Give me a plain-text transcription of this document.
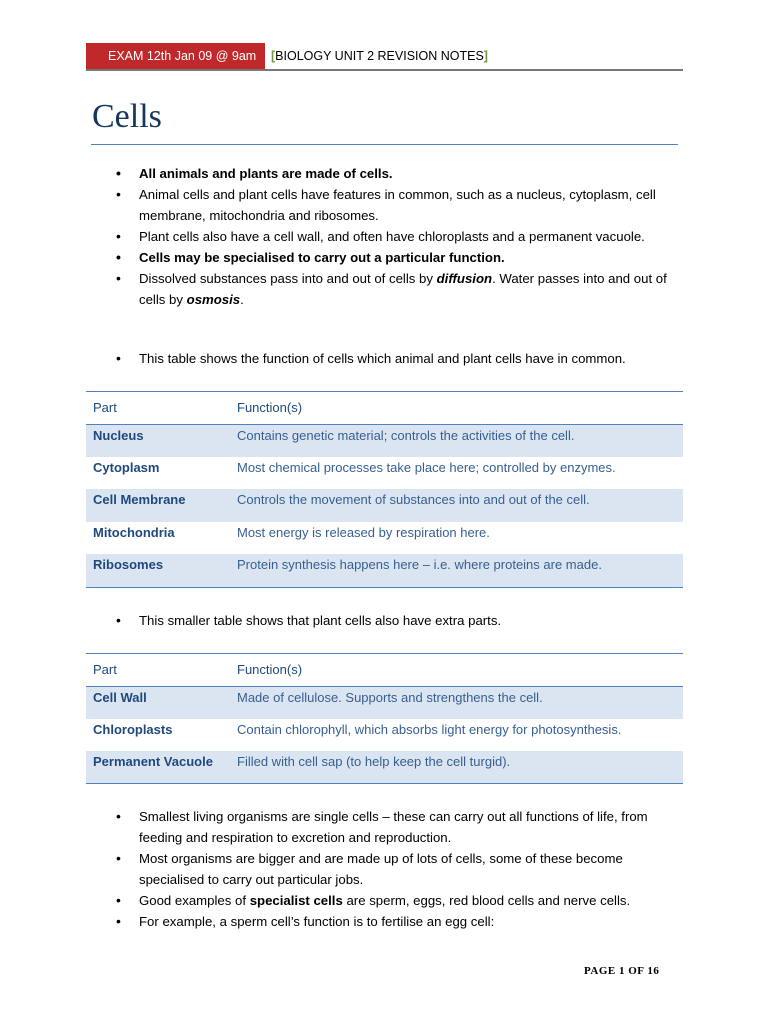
EXAM 12th Jan 09 @ 9am	[BIOLOGY UNIT 2 REVISION NOTES]
Cells
• All animals and plants are made of cells.
• Animal cells and plant cells have features in common, such as a nucleus, cytoplasm, cell membrane, mitochondria and ribosomes.
• Plant cells also have a cell wall, and often have chloroplasts and a permanent vacuole.
• Cells may be specialised to carry out a particular function.
• Dissolved substances pass into and out of cells by diffusion. Water passes into and out of cells by osmosis.
• This table shows the function of cells which animal and plant cells have in common.
Part	Function(s)
Nucleus	Contains genetic material; controls the activities of the cell.
Cytoplasm	Most chemical processes take place here; controlled by enzymes.
Cell Membrane	Controls the movement of substances into and out of the cell.
Mitochondria	Most energy is released by respiration here.
Ribosomes	Protein synthesis happens here – i.e. where proteins are made.
• This smaller table shows that plant cells also have extra parts.
Part	Function(s)
Cell Wall	Made of cellulose. Supports and strengthens the cell.
Chloroplasts	Contain chlorophyll, which absorbs light energy for photosynthesis.
Permanent Vacuole	Filled with cell sap (to help keep the cell turgid).
• Smallest living organisms are single cells – these can carry out all functions of life, from feeding and respiration to excretion and reproduction.
• Most organisms are bigger and are made up of lots of cells, some of these become specialised to carry out particular jobs.
• Good examples of specialist cells are sperm, eggs, red blood cells and nerve cells.
• For example, a sperm cell’s function is to fertilise an egg cell:
PAGE 1 OF 16
